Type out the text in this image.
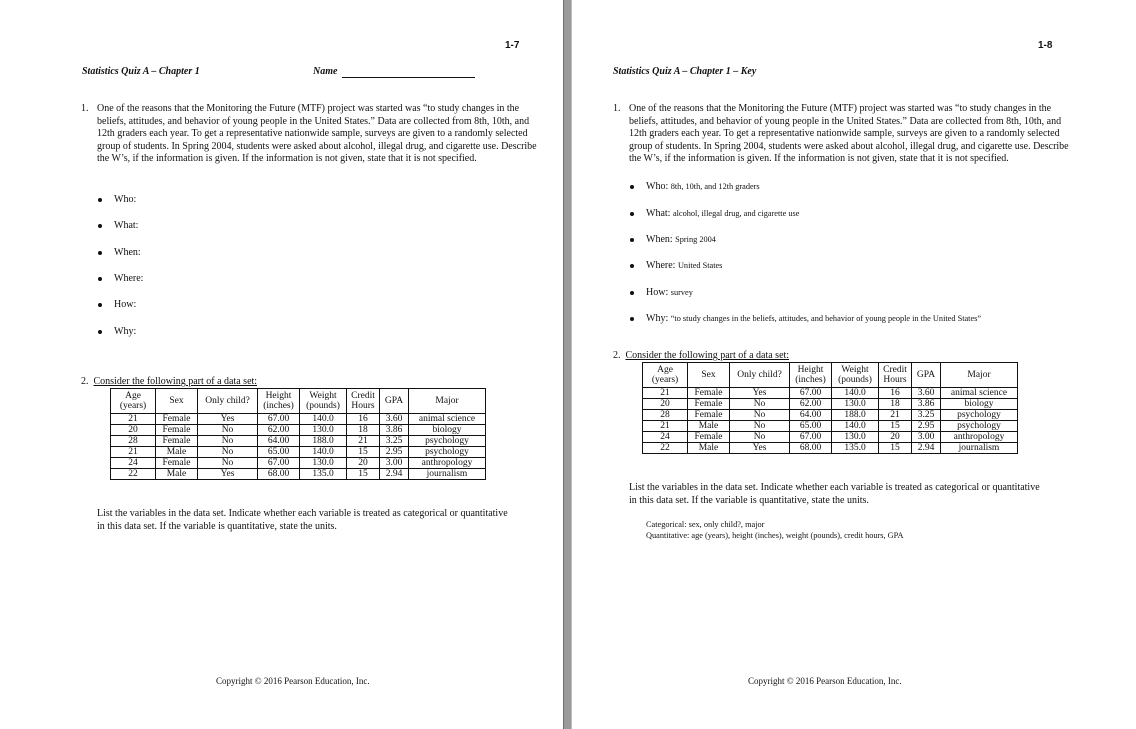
1-7
Statistics Quiz A – Chapter 1	Name
1. One of the reasons that the Monitoring the Future (MTF) project was started was “to study changes in the beliefs, attitudes, and behavior of young people in the United States.” Data are collected from 8th, 10th, and 12th graders each year. To get a representative nationwide sample, surveys are given to a randomly selected group of students. In Spring 2004, students were asked about alcohol, illegal drug, and cigarette use. Describe the W’s, if the information is given. If the information is not given, state that it is not specified.
Who:
What:
When:
Where:
How:
Why:
2. Consider the following part of a data set:
Age (years)	Sex	Only child?	Height (inches)	Weight (pounds)	Credit Hours	GPA	Major
21	Female	Yes	67.00	140.0	16	3.60	animal science
20	Female	No	62.00	130.0	18	3.86	biology
28	Female	No	64.00	188.0	21	3.25	psychology
21	Male	No	65.00	140.0	15	2.95	psychology
24	Female	No	67.00	130.0	20	3.00	anthropology
22	Male	Yes	68.00	135.0	15	2.94	journalism
List the variables in the data set. Indicate whether each variable is treated as categorical or quantitative in this data set. If the variable is quantitative, state the units.
Copyright © 2016 Pearson Education, Inc.
1-8
Statistics Quiz A – Chapter 1 – Key
1. One of the reasons that the Monitoring the Future (MTF) project was started was “to study changes in the beliefs, attitudes, and behavior of young people in the United States.” Data are collected from 8th, 10th, and 12th graders each year. To get a representative nationwide sample, surveys are given to a randomly selected group of students. In Spring 2004, students were asked about alcohol, illegal drug, and cigarette use. Describe the W’s, if the information is given. If the information is not given, state that it is not specified.
Who: 8th, 10th, and 12th graders
What: alcohol, illegal drug, and cigarette use
When: Spring 2004
Where: United States
How: survey
Why: “to study changes in the beliefs, attitudes, and behavior of young people in the United States”
2. Consider the following part of a data set:
Age (years)	Sex	Only child?	Height (inches)	Weight (pounds)	Credit Hours	GPA	Major
21	Female	Yes	67.00	140.0	16	3.60	animal science
20	Female	No	62.00	130.0	18	3.86	biology
28	Female	No	64.00	188.0	21	3.25	psychology
21	Male	No	65.00	140.0	15	2.95	psychology
24	Female	No	67.00	130.0	20	3.00	anthropology
22	Male	Yes	68.00	135.0	15	2.94	journalism
List the variables in the data set. Indicate whether each variable is treated as categorical or quantitative in this data set. If the variable is quantitative, state the units.
Categorical: sex, only child?, major
Quantitative: age (years), height (inches), weight (pounds), credit hours, GPA
Copyright © 2016 Pearson Education, Inc.
